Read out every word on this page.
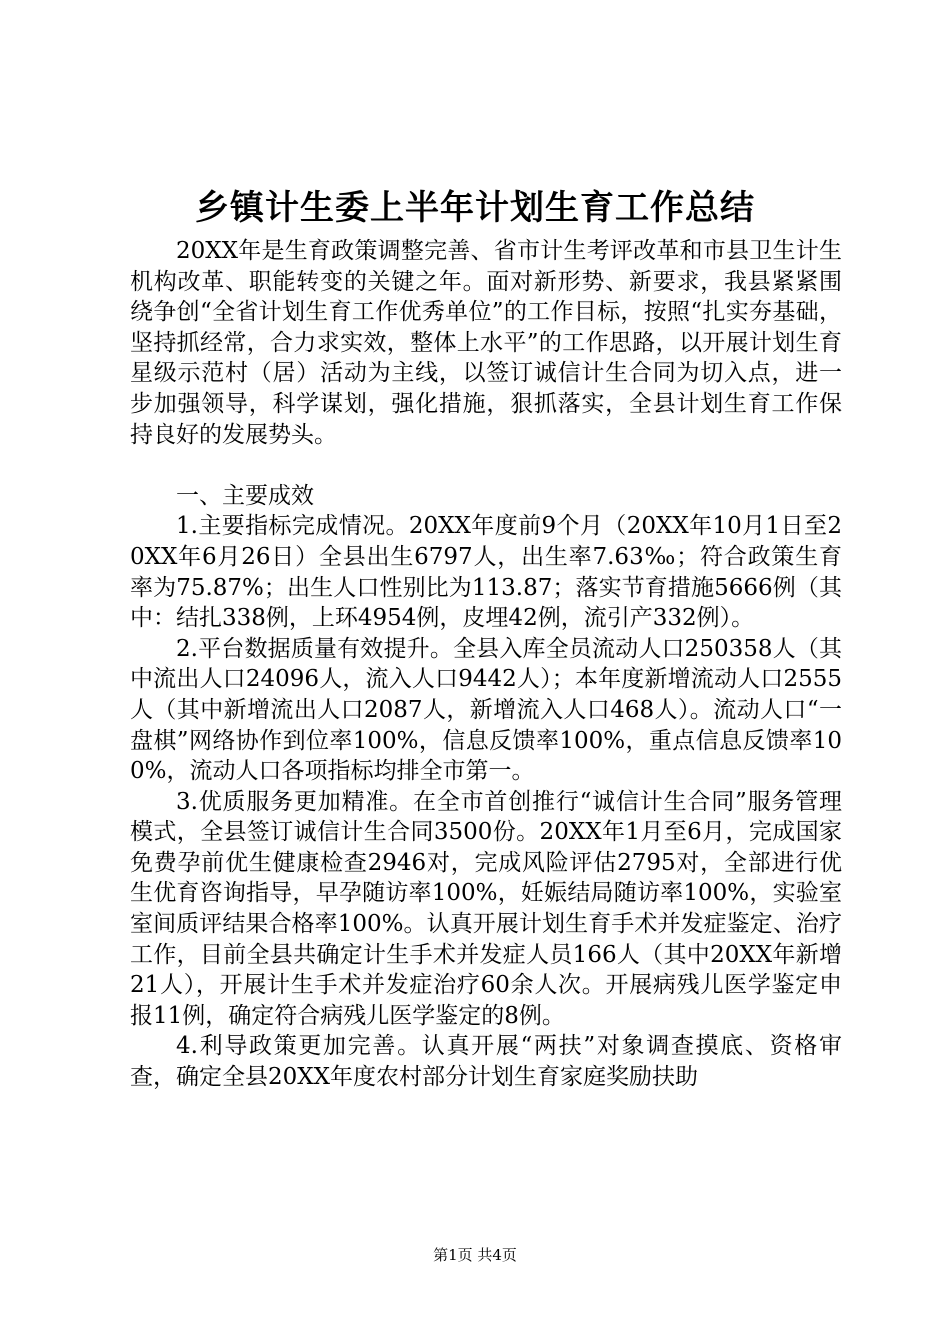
乡镇计生委上半年计划生育工作总结

20XX年是生育政策调整完善、省市计生考评改革和市县卫生计生机构改革、职能转变的关键之年。面对新形势、新要求，我县紧紧围绕争创“全省计划生育工作优秀单位”的工作目标，按照“扎实夯基础，坚持抓经常，合力求实效，整体上水平”的工作思路，以开展计划生育星级示范村（居）活动为主线，以签订诚信计生合同为切入点，进一步加强领导，科学谋划，强化措施，狠抓落实，全县计划生育工作保持良好的发展势头。

一、主要成效

1.主要指标完成情况。20XX年度前9个月（20XX年10月1日至20XX年6月26日）全县出生6797人，出生率7.63‰；符合政策生育率为75.87%；出生人口性别比为113.87；落实节育措施5666例（其中：结扎338例，上环4954例，皮埋42例，流引产332例）。

2.平台数据质量有效提升。全县入库全员流动人口250358人（其中流出人口24096人，流入人口9442人）；本年度新增流动人口2555人（其中新增流出人口2087人，新增流入人口468人）。流动人口“一盘棋”网络协作到位率100%，信息反馈率100%，重点信息反馈率100%，流动人口各项指标均排全市第一。

3.优质服务更加精准。在全市首创推行“诚信计生合同”服务管理模式，全县签订诚信计生合同3500份。20XX年1月至6月，完成国家免费孕前优生健康检查2946对，完成风险评估2795对，全部进行优生优育咨询指导，早孕随访率100%，妊娠结局随访率100%，实验室室间质评结果合格率100%。认真开展计划生育手术并发症鉴定、治疗工作，目前全县共确定计生手术并发症人员166人（其中20XX年新增21人），开展计生手术并发症治疗60余人次。开展病残儿医学鉴定申报11例，确定符合病残儿医学鉴定的8例。

4.利导政策更加完善。认真开展“两扶”对象调查摸底、资格审查，确定全县20XX年度农村部分计划生育家庭奖励扶助

第1页 共4页
